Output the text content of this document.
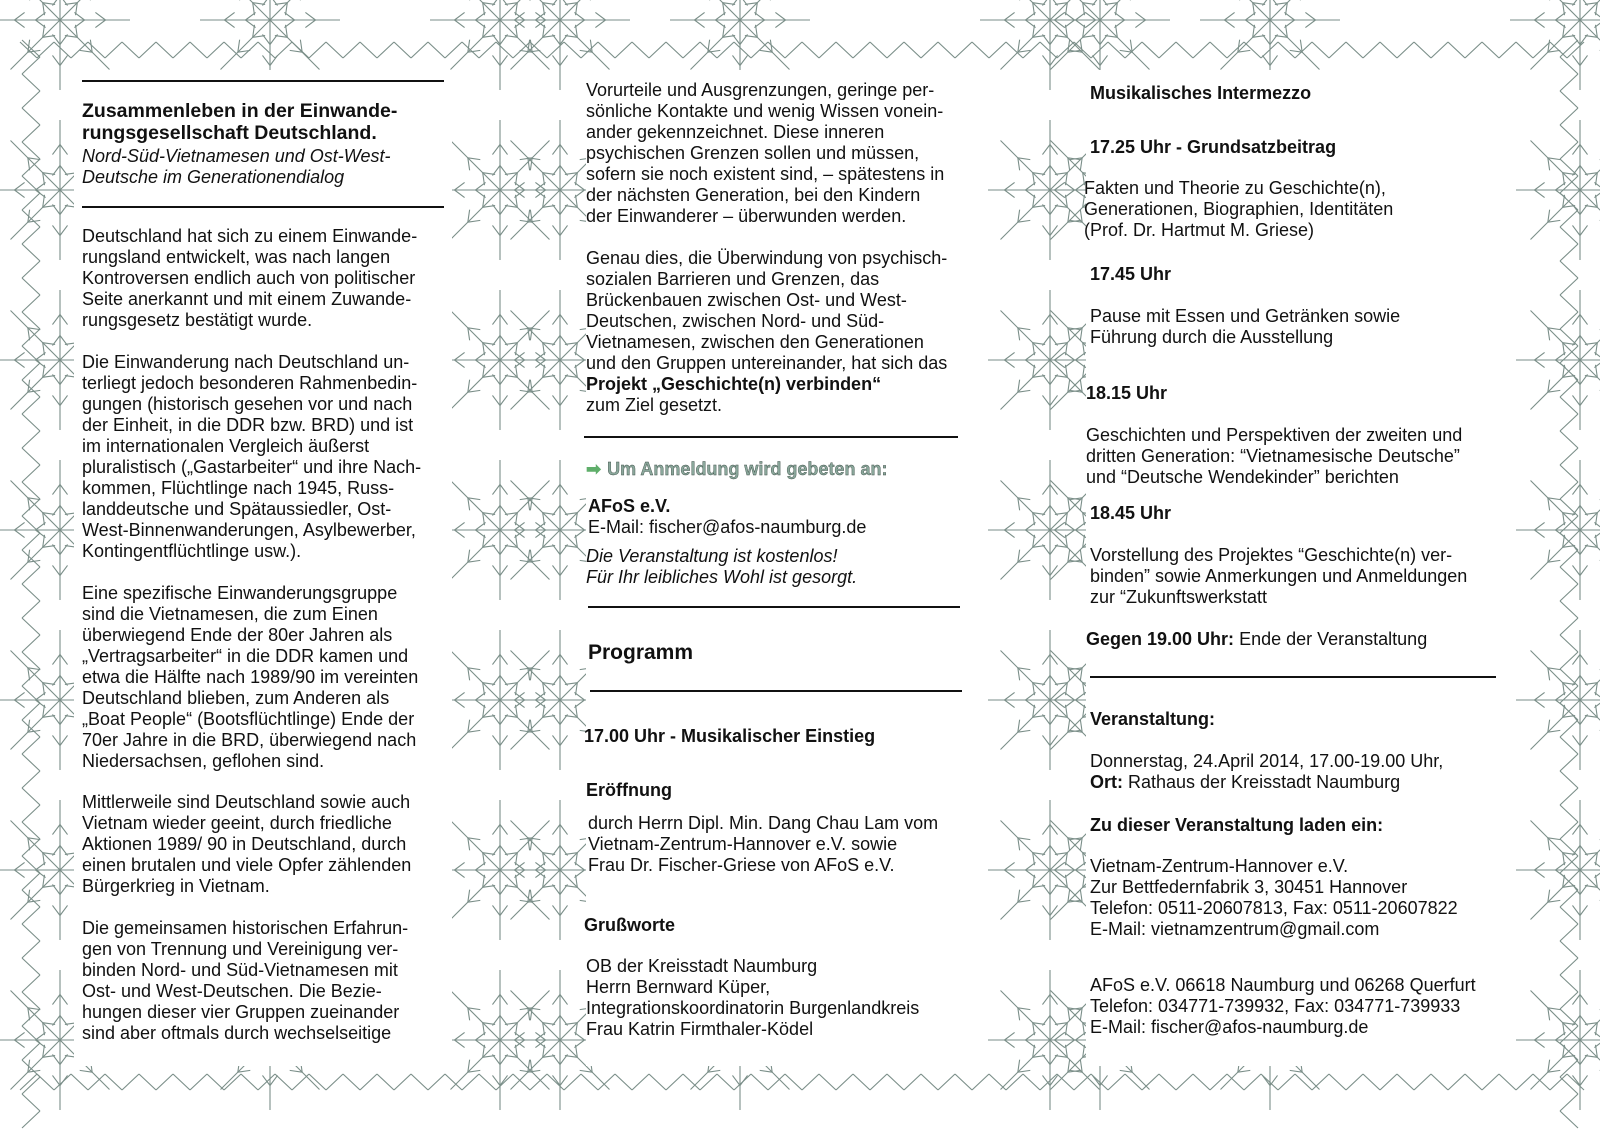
Zusammenleben in der Einwande-
rungsgesellschaft Deutschland.
Nord-Süd-Vietnamesen und Ost-West-
Deutsche im Generationendialog
Deutschland hat sich zu einem Einwande-
rungsland entwickelt, was nach langen
Kontroversen endlich auch von politischer
Seite anerkannt und mit einem Zuwande-
rungsgesetz bestätigt wurde.
Die Einwanderung nach Deutschland un-
terliegt jedoch besonderen Rahmenbedin-
gungen (historisch gesehen vor und nach
der Einheit, in die DDR bzw. BRD) und ist
im internationalen Vergleich äußerst
pluralistisch („Gastarbeiter“ und ihre Nach-
kommen, Flüchtlinge nach 1945, Russ-
landdeutsche und Spätaussiedler, Ost-
West-Binnenwanderungen, Asylbewerber,
Kontingentflüchtlinge usw.).
Eine spezifische Einwanderungsgruppe
sind die Vietnamesen, die zum Einen
überwiegend Ende der 80er Jahren als
„Vertragsarbeiter“ in die DDR kamen und
etwa die Hälfte nach 1989/90 im vereinten
Deutschland blieben, zum Anderen als
„Boat People“ (Bootsflüchtlinge) Ende der
70er Jahre in die BRD, überwiegend nach
Niedersachsen, geflohen sind.
Mittlerweile sind Deutschland sowie auch
Vietnam wieder geeint, durch friedliche
Aktionen 1989/ 90 in Deutschland, durch
einen brutalen und viele Opfer zählenden
Bürgerkrieg in Vietnam.
Die gemeinsamen historischen Erfahrun-
gen von Trennung und Vereinigung ver-
binden Nord- und Süd-Vietnamesen mit
Ost- und West-Deutschen. Die Bezie-
hungen dieser vier Gruppen zueinander
sind aber oftmals durch wechselseitige
Vorurteile und Ausgrenzungen, geringe per-
sönliche Kontakte und wenig Wissen vonein-
ander gekennzeichnet. Diese inneren
psychischen Grenzen sollen und müssen,
sofern sie noch existent sind, – spätestens in
der nächsten Generation, bei den Kindern
der Einwanderer – überwunden werden.
Genau dies, die Überwindung von psychisch-
sozialen Barrieren und Grenzen, das
Brückenbauen zwischen Ost- und West-
Deutschen, zwischen Nord- und Süd-
Vietnamesen, zwischen den Generationen
und den Gruppen untereinander, hat sich das
Projekt „Geschichte(n) verbinden“
zum Ziel gesetzt.
➡ Um Anmeldung wird gebeten an:
AFoS e.V.
E-Mail: fischer@afos-naumburg.de
Die Veranstaltung ist kostenlos!
Für Ihr leibliches Wohl ist gesorgt.
Programm
17.00 Uhr - Musikalischer Einstieg
Eröffnung
durch Herrn Dipl. Min. Dang Chau Lam vom
Vietnam-Zentrum-Hannover e.V. sowie
Frau Dr. Fischer-Griese von AFoS e.V.
Grußworte
OB der Kreisstadt Naumburg
Herrn Bernward Küper,
Integrationskoordinatorin Burgenlandkreis
Frau Katrin Firmthaler-Ködel
Musikalisches Intermezzo
17.25 Uhr - Grundsatzbeitrag
Fakten und Theorie zu Geschichte(n),
Generationen, Biographien, Identitäten
(Prof. Dr. Hartmut M. Griese)
17.45 Uhr
Pause mit Essen und Getränken sowie
Führung durch die Ausstellung
18.15 Uhr
Geschichten und Perspektiven der zweiten und
dritten Generation: “Vietnamesische Deutsche”
und “Deutsche Wendekinder” berichten
18.45 Uhr
Vorstellung des Projektes “Geschichte(n) ver-
binden” sowie Anmerkungen und Anmeldungen
zur “Zukunftswerkstatt
Gegen 19.00 Uhr: Ende der Veranstaltung
Veranstaltung:
Donnerstag, 24.April 2014, 17.00-19.00 Uhr,
Ort: Rathaus der Kreisstadt Naumburg
Zu dieser Veranstaltung laden ein:
Vietnam-Zentrum-Hannover e.V.
Zur Bettfedernfabrik 3, 30451 Hannover
Telefon: 0511-20607813, Fax: 0511-20607822
E-Mail: vietnamzentrum@gmail.com
AFoS e.V. 06618 Naumburg und 06268 Querfurt
Telefon: 034771-739932, Fax: 034771-739933
E-Mail: fischer@afos-naumburg.de
